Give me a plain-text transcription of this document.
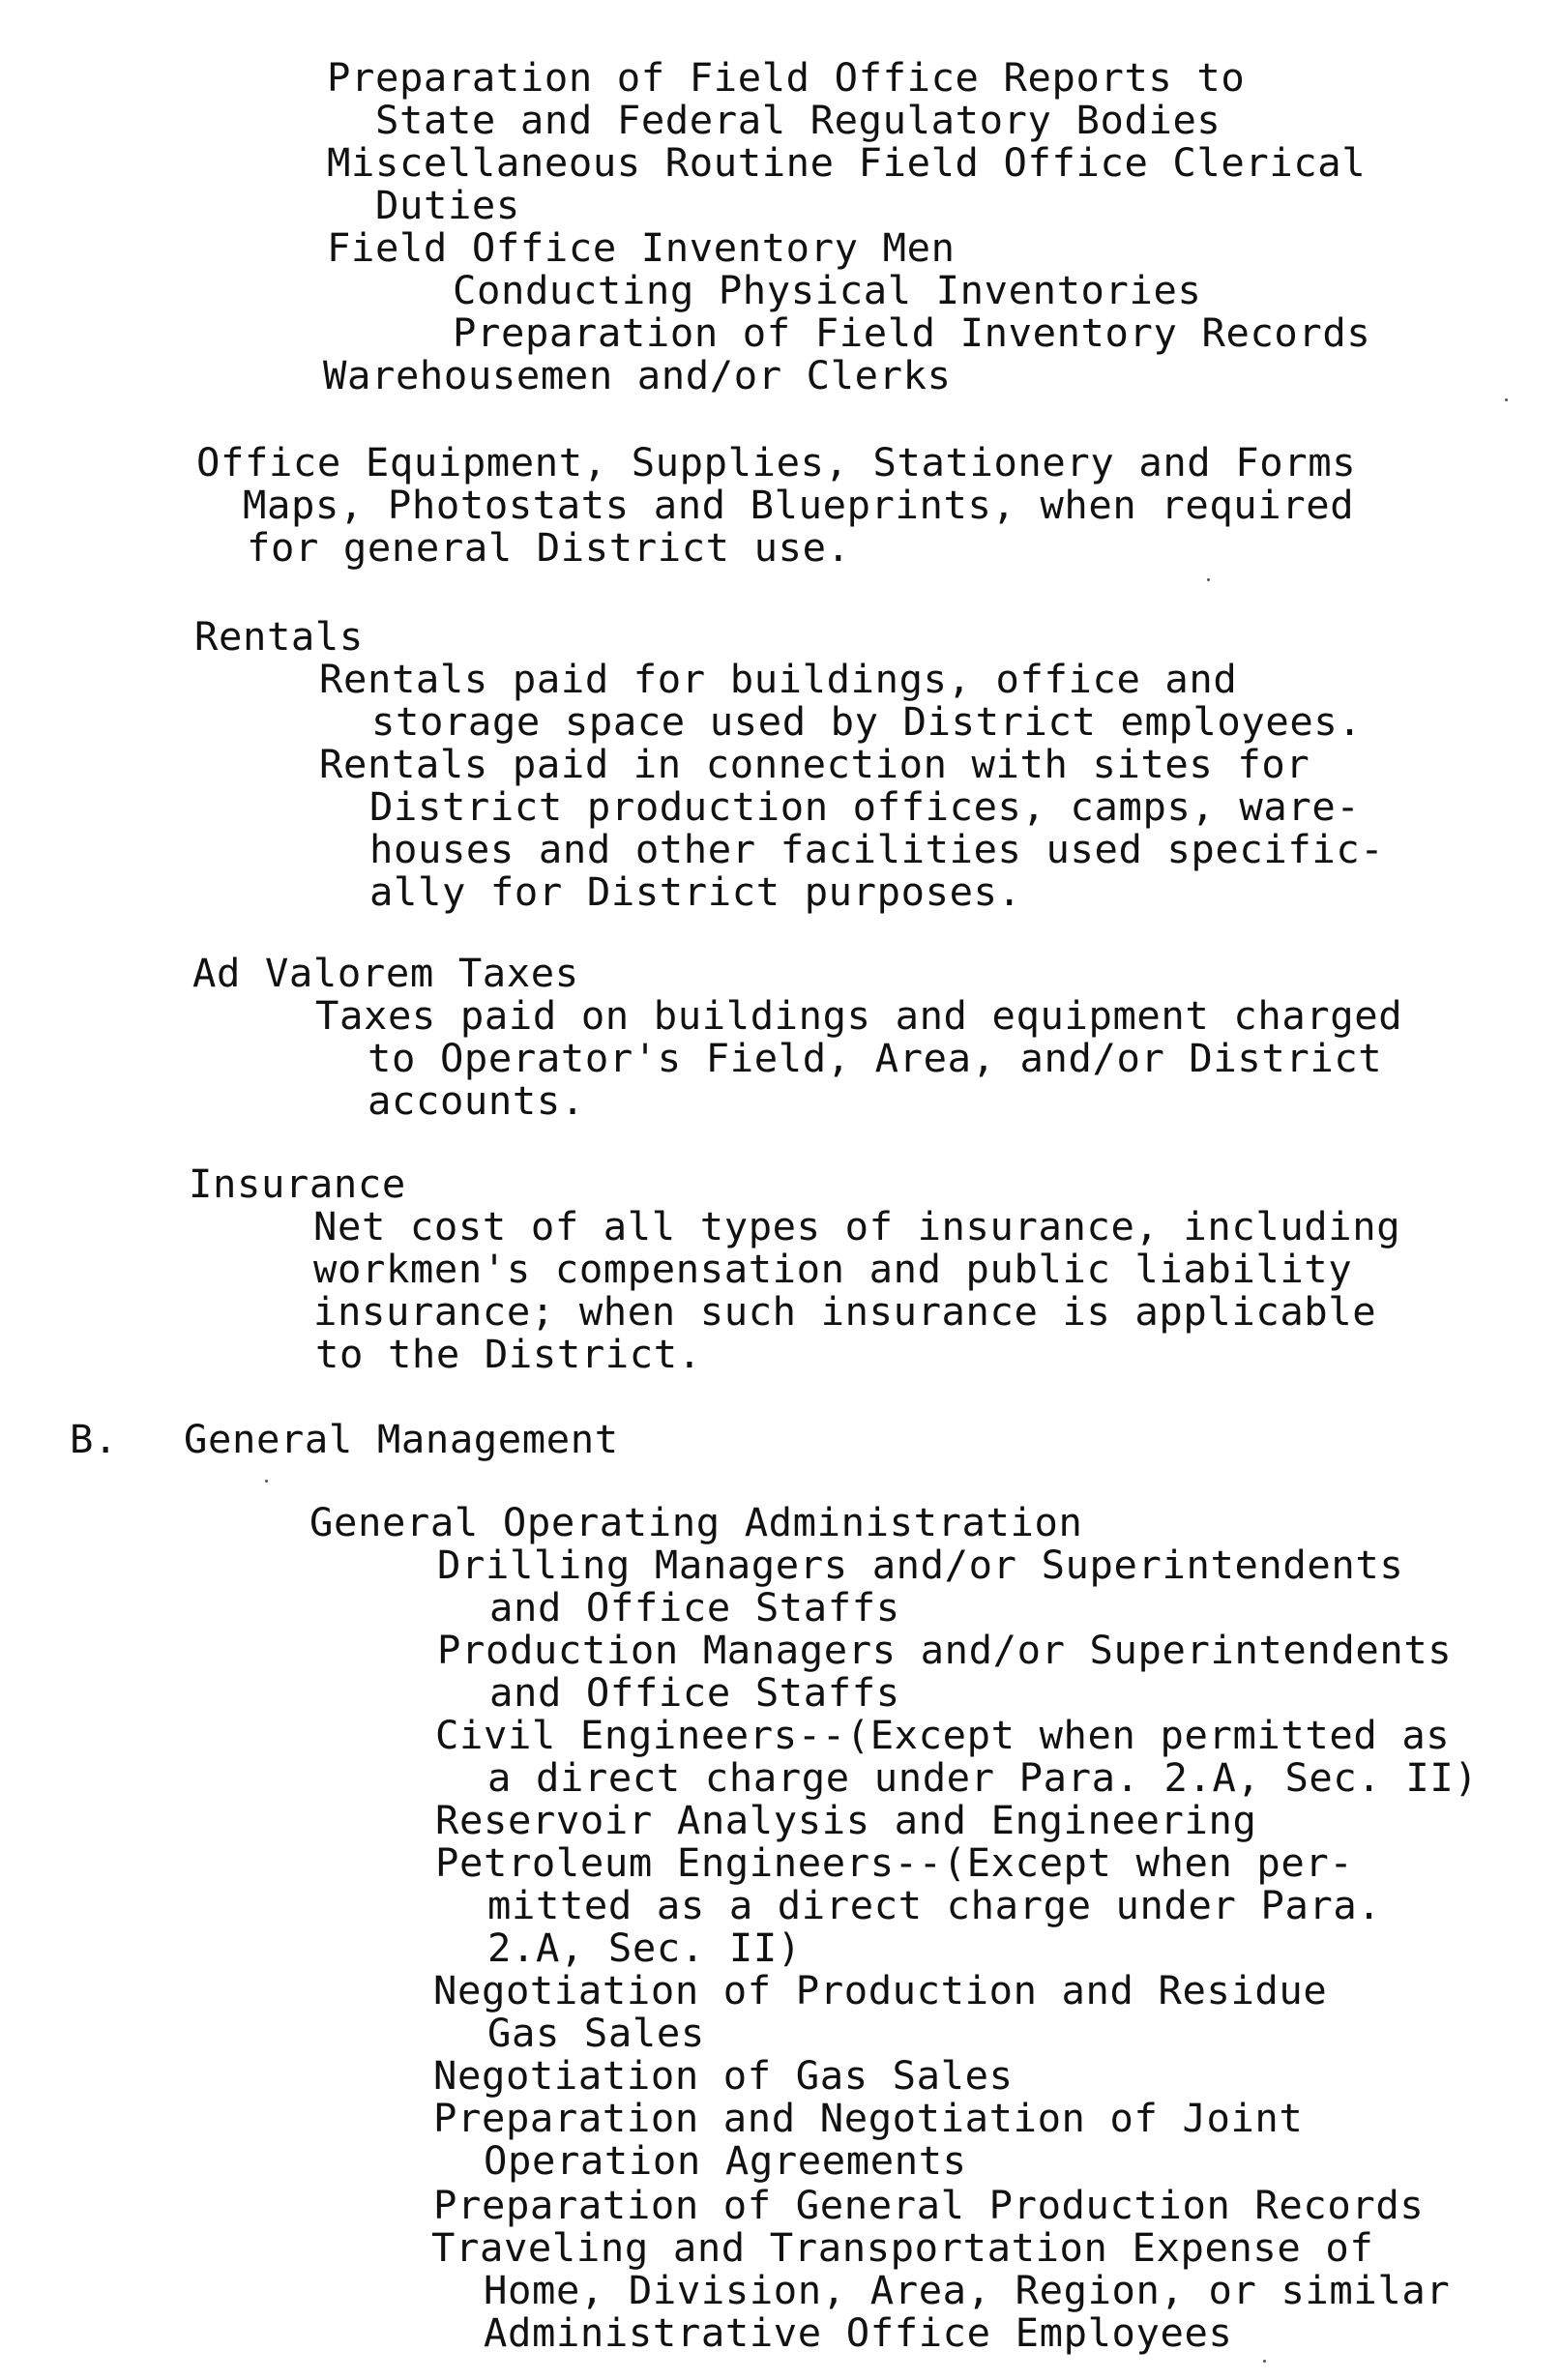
Preparation of Field Office Reports to

State and Federal Regulatory Bodies

Miscellaneous Routine Field Office Clerical

Duties

Field Office Inventory Men

Conducting Physical Inventories

Preparation of Field Inventory Records

Warehousemen and/or Clerks

Office Equipment, Supplies, Stationery and Forms

Maps, Photostats and Blueprints, when required

for general District use.

Rentals

Rentals paid for buildings, office and

storage space used by District employees.

Rentals paid in connection with sites for

District production offices, camps, ware-

houses and other facilities used specific-

ally for District purposes.

Ad Valorem Taxes

Taxes paid on buildings and equipment charged

to Operator's Field, Area, and/or District

accounts.

Insurance

Net cost of all types of insurance, including

workmen's compensation and public liability

insurance; when such insurance is applicable

to the District.

B. General Management

General Operating Administration

Drilling Managers and/or Superintendents

and Office Staffs

Production Managers and/or Superintendents

and Office Staffs

Civil Engineers--(Except when permitted as

a direct charge under Para. 2.A, Sec. II)

Reservoir Analysis and Engineering

Petroleum Engineers--(Except when per-

mitted as a direct charge under Para.

2.A, Sec. II)

Negotiation of Production and Residue

Gas Sales

Negotiation of Gas Sales

Preparation and Negotiation of Joint

Operation Agreements

Preparation of General Production Records

Traveling and Transportation Expense of

Home, Division, Area, Region, or similar

Administrative Office Employees
